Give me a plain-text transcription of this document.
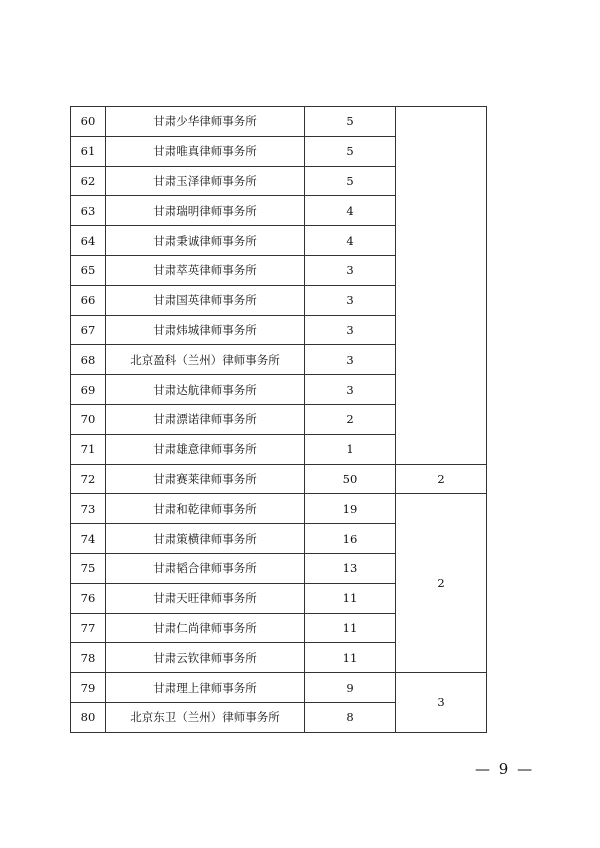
60	甘肃少华律师事务所	5	
61	甘肃唯真律师事务所	5	
62	甘肃玉泽律师事务所	5	
63	甘肃瑞明律师事务所	4	
64	甘肃秉诚律师事务所	4	
65	甘肃萃英律师事务所	3	
66	甘肃国英律师事务所	3	
67	甘肃炜城律师事务所	3	
68	北京盈科（兰州）律师事务所	3	
69	甘肃达航律师事务所	3	
70	甘肃漂诺律师事务所	2	
71	甘肃雄意律师事务所	1	
72	甘肃赛莱律师事务所	50	2
73	甘肃和乾律师事务所	19	2
74	甘肃策横律师事务所	16	
75	甘肃韬合律师事务所	13	
76	甘肃天旺律师事务所	11	
77	甘肃仁尚律师事务所	11	
78	甘肃云钦律师事务所	11	
79	甘肃理上律师事务所	9	3
80	北京东卫（兰州）律师事务所	8	
— 9 —
